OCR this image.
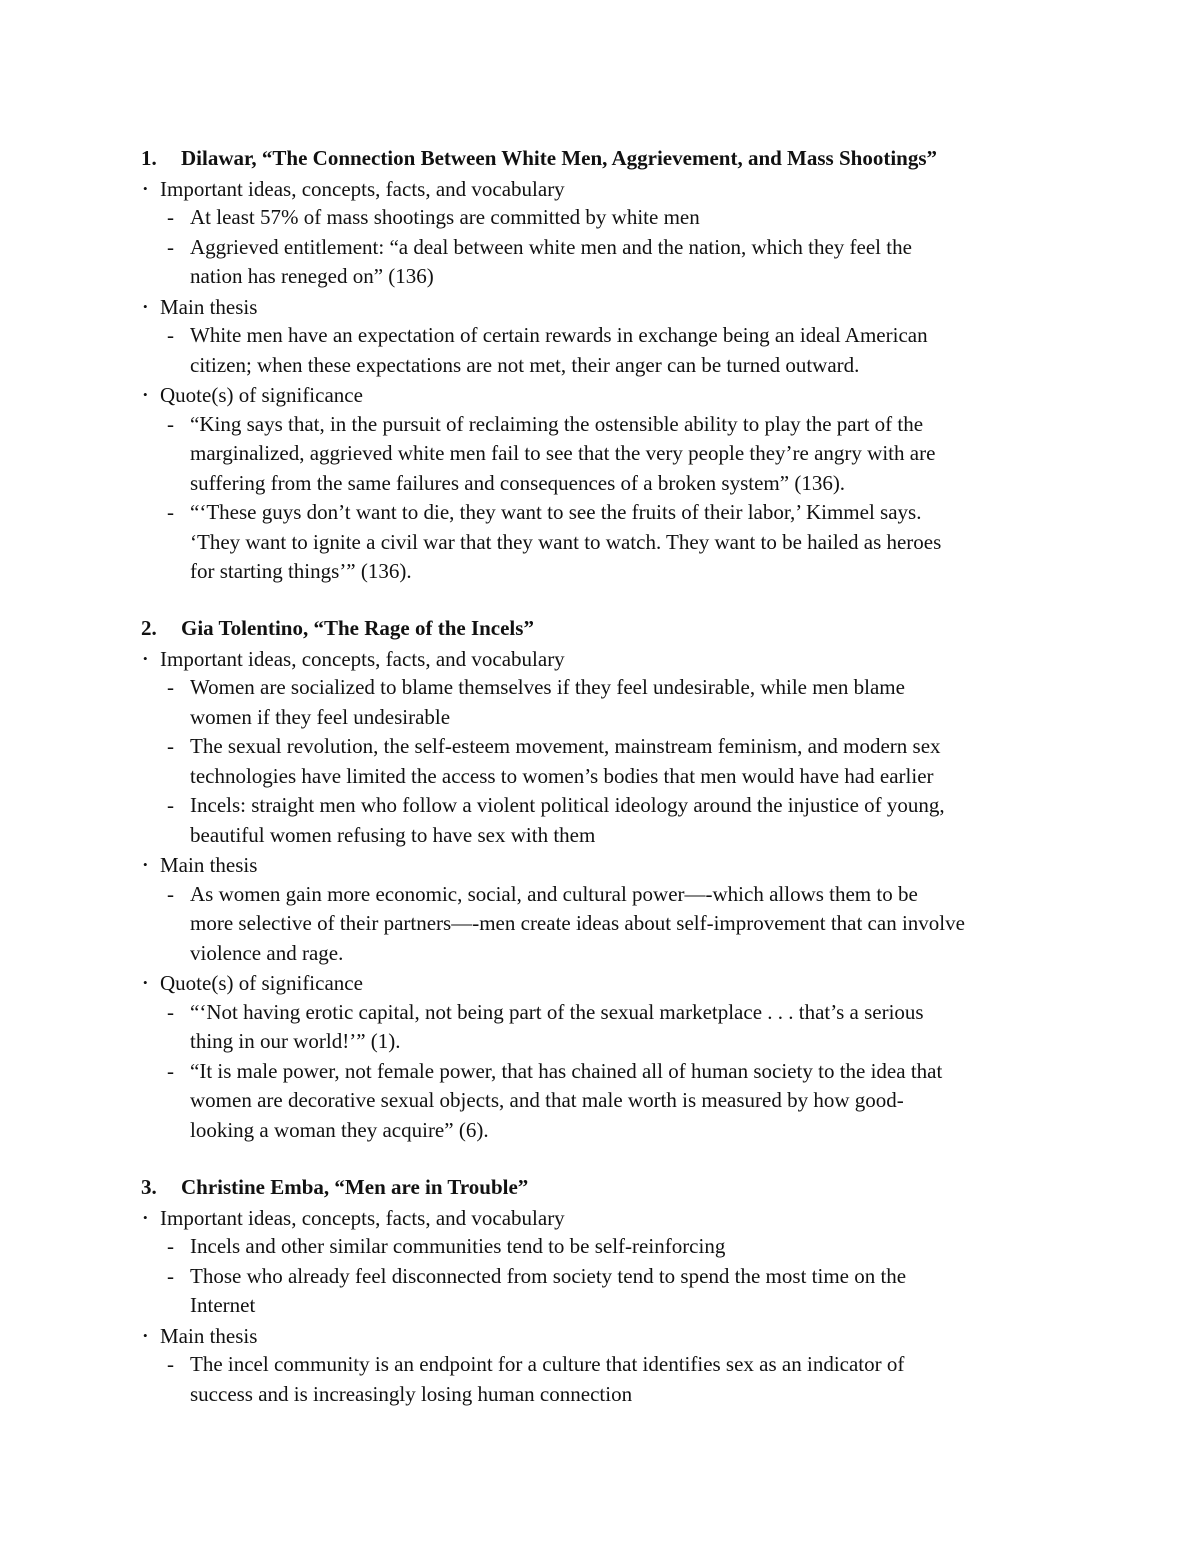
1. Dilawar, “The Connection Between White Men, Aggrievement, and Mass Shootings”
• Important ideas, concepts, facts, and vocabulary
- At least 57% of mass shootings are committed by white men
- Aggrieved entitlement: “a deal between white men and the nation, which they feel the
nation has reneged on” (136)
• Main thesis
- White men have an expectation of certain rewards in exchange being an ideal American
citizen; when these expectations are not met, their anger can be turned outward.
• Quote(s) of significance
- “King says that, in the pursuit of reclaiming the ostensible ability to play the part of the
marginalized, aggrieved white men fail to see that the very people they’re angry with are
suffering from the same failures and consequences of a broken system” (136).
- “‘These guys don’t want to die, they want to see the fruits of their labor,’ Kimmel says.
‘They want to ignite a civil war that they want to watch. They want to be hailed as heroes
for starting things’” (136).
2. Gia Tolentino, “The Rage of the Incels”
• Important ideas, concepts, facts, and vocabulary
- Women are socialized to blame themselves if they feel undesirable, while men blame
women if they feel undesirable
- The sexual revolution, the self-esteem movement, mainstream feminism, and modern sex
technologies have limited the access to women’s bodies that men would have had earlier
- Incels: straight men who follow a violent political ideology around the injustice of young,
beautiful women refusing to have sex with them
• Main thesis
- As women gain more economic, social, and cultural power—-which allows them to be
more selective of their partners—-men create ideas about self-improvement that can involve
violence and rage.
• Quote(s) of significance
- “‘Not having erotic capital, not being part of the sexual marketplace . . . that’s a serious
thing in our world!’” (1).
- “It is male power, not female power, that has chained all of human society to the idea that
women are decorative sexual objects, and that male worth is measured by how good-
looking a woman they acquire” (6).
3. Christine Emba, “Men are in Trouble”
• Important ideas, concepts, facts, and vocabulary
- Incels and other similar communities tend to be self-reinforcing
- Those who already feel disconnected from society tend to spend the most time on the
Internet
• Main thesis
- The incel community is an endpoint for a culture that identifies sex as an indicator of
success and is increasingly losing human connection
